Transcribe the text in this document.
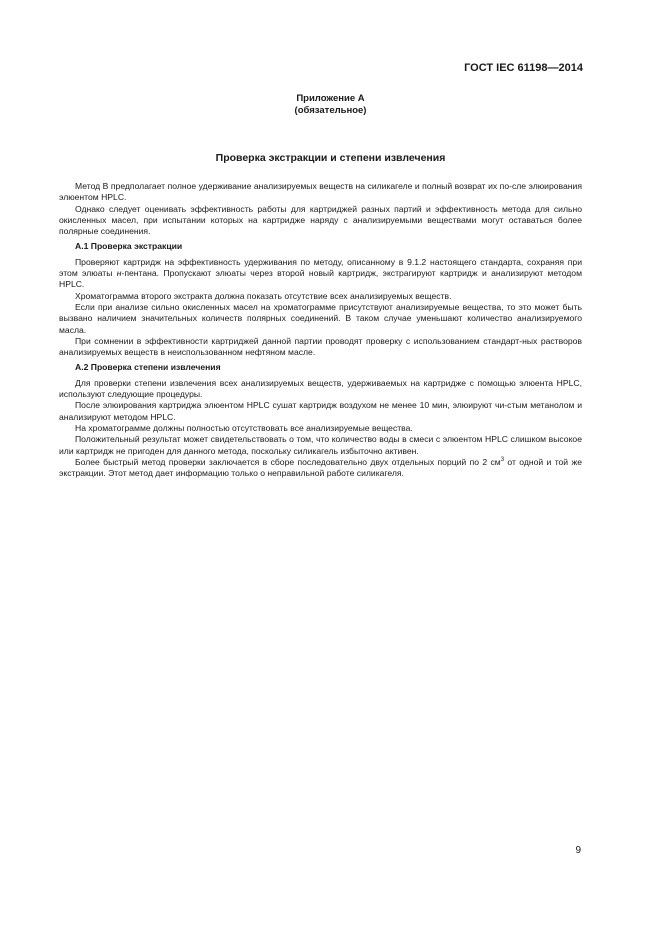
ГОСТ IEC 61198—2014
Приложение А
(обязательное)
Проверка экстракции и степени извлечения

Метод В предполагает полное удерживание анализируемых веществ на силикагеле и полный возврат их по-сле элюирования элюентом HPLC.

Однако следует оценивать эффективность работы для картриджей разных партий и эффективность метода для сильно окисленных масел, при испытании которых на картридже наряду с анализируемыми веществами могут оставаться более полярные соединения.

А.1 Проверка экстракции

Проверяют картридж на эффективность удерживания по методу, описанному в 9.1.2 настоящего стандарта, сохраняя при этом элюаты н-пентана. Пропускают элюаты через второй новый картридж, экстрагируют картридж и анализируют методом HPLC.

Хроматограмма второго экстракта должна показать отсутствие всех анализируемых веществ.

Если при анализе сильно окисленных масел на хроматограмме присутствуют анализируемые вещества, то это может быть вызвано наличием значительных количеств полярных соединений. В таком случае уменьшают количество анализируемого масла.

При сомнении в эффективности картриджей данной партии проводят проверку с использованием стандарт-ных растворов анализируемых веществ в неиспользованном нефтяном масле.

А.2 Проверка степени извлечения

Для проверки степени извлечения всех анализируемых веществ, удерживаемых на картридже с помощью элюента HPLC, используют следующие процедуры.

После элюирования картриджа элюентом HPLC сушат картридж воздухом не менее 10 мин, элюируют чи-стым метанолом и анализируют методом HPLC.

На хроматограмме должны полностью отсутствовать все анализируемые вещества.

Положительный результат может свидетельствовать о том, что количество воды в смеси с элюентом HPLC слишком высокое или картридж не пригоден для данного метода, поскольку силикагель избыточно активен.

Более быстрый метод проверки заключается в сборе последовательно двух отдельных порций по 2 $см^3$ от одной и той же экстракции. Этот метод дает информацию только о неправильной работе силикагеля.

9
